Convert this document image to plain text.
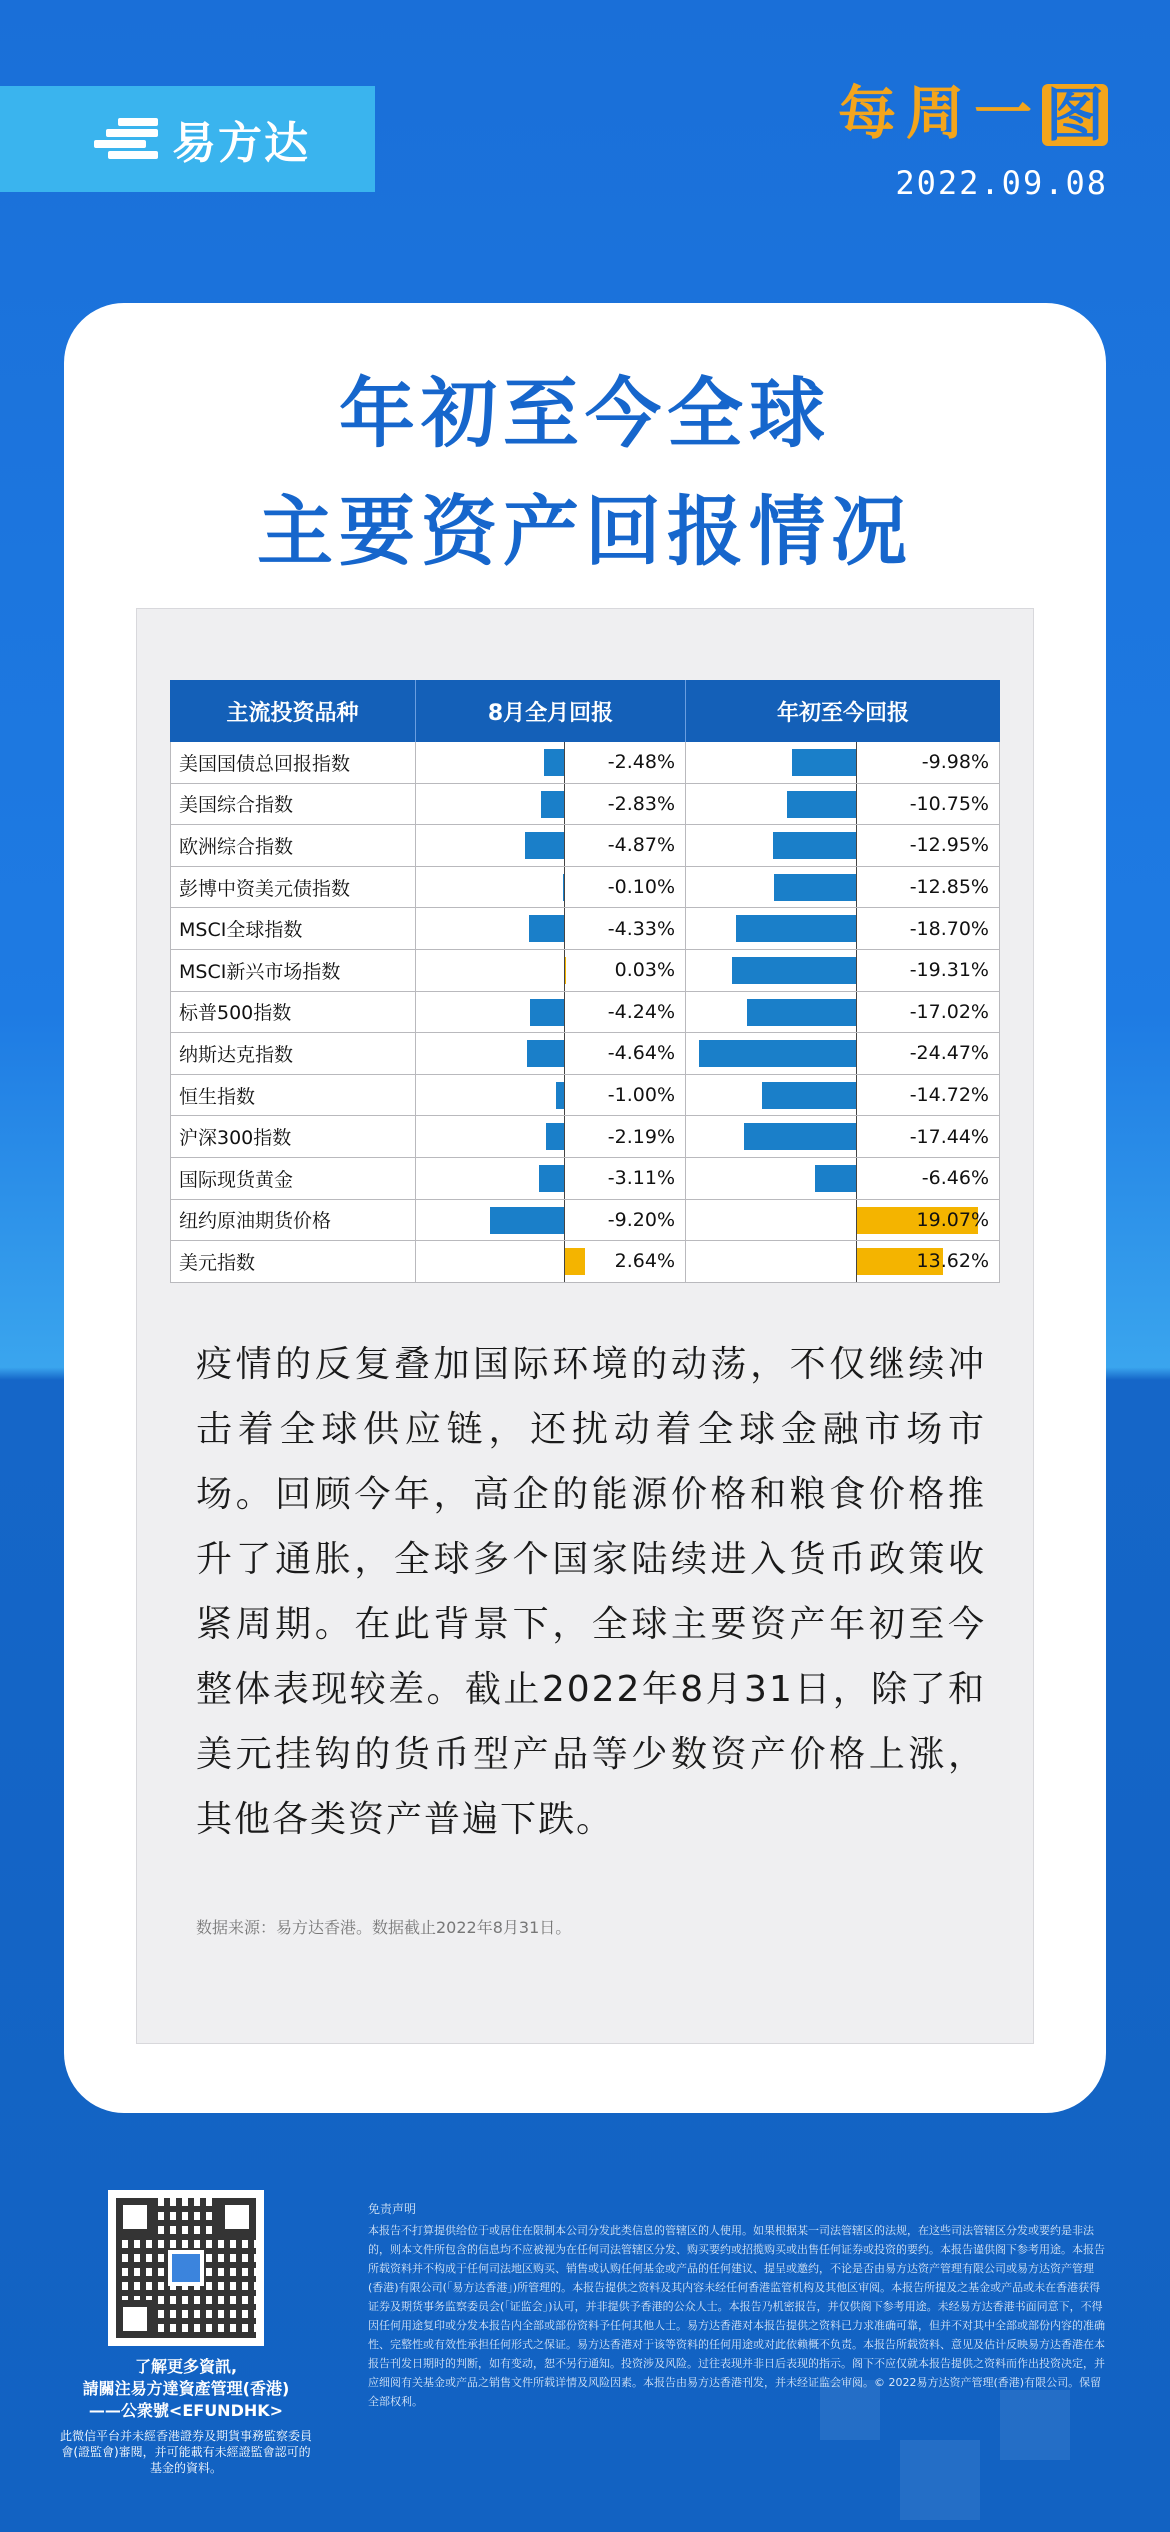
易方达	每 周 一 图
2022.09.08
年初至今全球
主要资产回报情况
主流投资品种	8月全月回报	年初至今回报
美国国债总回报指数	-2.48%	-9.98%
美国综合指数	-2.83%	-10.75%
欧洲综合指数	-4.87%	-12.95%
彭博中资美元债指数	-0.10%	-12.85%
MSCI全球指数	-4.33%	-18.70%
MSCI新兴市场指数	0.03%	-19.31%
标普500指数	-4.24%	-17.02%
纳斯达克指数	-4.64%	-24.47%
恒生指数	-1.00%	-14.72%
沪深300指数	-2.19%	-17.44%
国际现货黄金	-3.11%	-6.46%
纽约原油期货价格	-9.20%	19.07%
美元指数	2.64%	13.62%
疫情的反复叠加国际环境的动荡，不仅继续冲击着全球供应链，还扰动着全球金融市场市场。回顾今年，高企的能源价格和粮食价格推升了通胀，全球多个国家陆续进入货币政策收紧周期。在此背景下，全球主要资产年初至今整体表现较差。截止2022年8月31日，除了和美元挂钩的货币型产品等少数资产价格上涨，其他各类资产普遍下跌。
数据来源：易方达香港。数据截止2022年8月31日。
了解更多資訊,
請關注易方達資產管理(香港)
——公衆號<EFUNDHK>
此微信平台并未經香港證券及期貨事務監察委員會(證監會)審閱，并可能載有未經證監會認可的基金的資料。
免责声明
本报告不打算提供给位于或居住在限制本公司分发此类信息的管辖区的人使用。如果根据某一司法管辖区的法规，在这些司法管辖区分发或要约是非法的，则本文件所包含的信息均不应被视为在任何司法管辖区分发、购买要约或招揽购买或出售任何证券或投资的要约。本报告谨供阁下参考用途。本报告所载资料并不构成于任何司法地区购买、销售或认购任何基金或产品的任何建议、提呈或邀约，不论是否由易方达资产管理有限公司或易方达资产管理(香港)有限公司(「易方达香港」)所管理的。本报告提供之资料及其内容未经任何香港监管机构及其他区审阅。本报告所提及之基金或产品或未在香港获得证券及期货事务监察委员会(「证监会」)认可，并非提供予香港的公众人士。本报告乃机密报告，并仅供阁下参考用途。未经易方达香港书面同意下，不得因任何用途复印或分发本报告内全部或部份资料予任何其他人士。易方达香港对本报告提供之资料已力求准确可靠，但并不对其中全部或部份内容的准确性、完整性或有效性承担任何形式之保证。易方达香港对于该等资料的任何用途或对此依赖概不负责。本报告所载资料、意见及估计反映易方达香港在本报告刊发日期时的判断，如有变动，恕不另行通知。投资涉及风险。过往表现并非日后表现的指示。阁下不应仅就本报告提供之资料而作出投资决定，并应细阅有关基金或产品之销售文件所载详情及风险因素。本报告由易方达香港刊发，并未经证监会审阅。© 2022易方达资产管理(香港)有限公司。保留全部权利。
